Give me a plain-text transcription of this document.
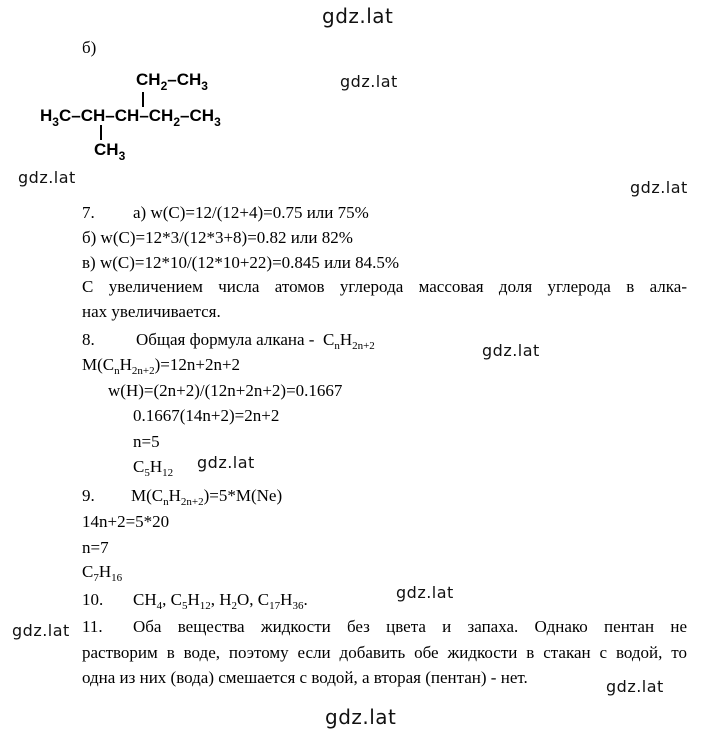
gdz.lat
gdz.lat
gdz.lat
gdz.lat
gdz.lat
gdz.lat
gdz.lat
gdz.lat
gdz.lat
gdz.lat
б)
$CH_2-CH_3$
$H_3C-CH-CH-CH_2-CH_3$
$CH_3$
7. а) w(C)=12/(12+4)=0.75 или 75%
б) w(C)=12*3/(12*3+8)=0.82 или 82%
в) w(C)=12*10/(12*10+22)=0.845 или 84.5%
С увеличением числа атомов углерода массовая доля углерода в алка-
нах увеличивается.
8. Общая формула алкана - $C_nH_{2n+2}$
$M(C_nH_{2n+2})=12n+2n+2$
w(H)=(2n+2)/(12n+2n+2)=0.1667
0.1667(14n+2)=2n+2
n=5
$C_5H_{12}$
9. $M(C_nH_{2n+2})=5*M(Ne)$
14n+2=5*20
n=7
$C_7H_{16}$
10. $CH_4$, $C_5H_{12}$, $H_2O$, $C_{17}H_{36}$.
11. Оба вещества жидкости без цвета и запаха. Однако пентан не
растворим в воде, поэтому если добавить обе жидкости в стакан с водой, то
одна из них (вода) смешается с водой, а вторая (пентан) - нет.
